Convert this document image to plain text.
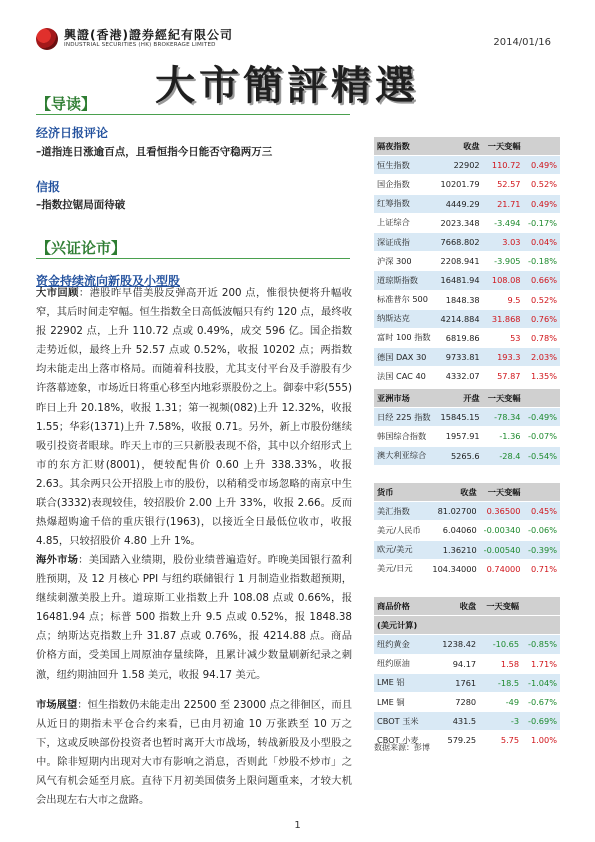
興證(香港)證券經紀有限公司
INDUSTRIAL SECURITIES (HK) BROKERAGE LIMITED	2014/01/16
大市簡評精選
【导读】
经济日报评论
–道指连日涨逾百点，且看恒指今日能否守稳两万三
信报
–指数拉锯局面待破
【兴证论市】
资金持续流向新股及小型股
大市回顾：港股昨早借美股反弹高开近 200 点，惟很快便将升幅收窄，其后时间走窄幅。恒生指数全日高低波幅只有约 120 点，最终收报 22902 点，上升 110.72 点或 0.49%，成交 596 亿。国企指数走势近似，最终上升 52.57 点或 0.52%，收报 10202 点；两指数均未能走出上落市格局。而随着科技股，尤其支付平台及手游股有少许落幕迹象，市场近日将重心移至内地彩票股份之上。御泰中彩(555)昨日上升 20.18%，收报 1.31；第一视频(082)上升 12.32%，收报 1.55；华彩(1371)上升 7.58%，收报 0.71。另外，新上市股份继续吸引投资者眼球。昨天上市的三只新股表现不俗，其中以介绍形式上市的东方汇财(8001)，便较配售价 0.60 上升 338.33%，收报 2.63。其余两只公开招股上市的股份，以稍稍受市场忽略的南京中生联合(3332)表现较佳，较招股价 2.00 上升 33%，收报 2.66。反而热爆超购逾千倍的重庆银行(1963)，以接近全日最低位收市，收报 4.85，只较招股价 4.80 上升 1%。
海外市场：美国踏入业绩期，股份业绩普遍造好。昨晚美国银行盈利胜预期，及 12 月核心 PPI 与纽约联储银行 1 月制造业指数超预期，继续刺激美股上升。道琼斯工业指数上升 108.08 点或 0.66%，报 16481.94 点；标普 500 指数上升 9.5 点或 0.52%，报 1848.38 点；纳斯达克指数上升 31.87 点或 0.76%，报 4214.88 点。商品价格方面，受美国上周原油存量续降，且累计减少数量刷新纪录之刺激，纽约期油回升 1.58 美元，收报 94.17 美元。
市场展望：恒生指数仍未能走出 22500 至 23000 点之徘徊区，而且从近日的期指未平仓合约来看，已由月初逾 10 万张跌至 10 万之下，这或反映部份投资者也暂时离开大市战场，转战新股及小型股之中。除非短期内出现对大市有影响之消息，否则此「炒股不炒市」之风气有机会延至月底。直待下月初美国债务上限问题重来，才较大机会出现左右大市之盘路。
隔夜指数	收盘	一天变幅	
恒生指数	22902	110.72	0.49%
国企指数	10201.79	52.57	0.52%
红筹指数	4449.29	21.71	0.49%
上证综合	2023.348	-3.494	-0.17%
深证成指	7668.802	3.03	0.04%
沪深 300	2208.941	-3.905	-0.18%
道琼斯指数	16481.94	108.08	0.66%
标准普尔 500	1848.38	9.5	0.52%
纳斯达克	4214.884	31.868	0.76%
富时 100 指数	6819.86	53	0.78%
德国 DAX 30	9733.81	193.3	2.03%
法国 CAC 40	4332.07	57.87	1.35%
亚洲市场	开盘	一天变幅	
日经 225 指数	15845.15	-78.34	-0.49%
韩国综合指数	1957.91	-1.36	-0.07%
澳大利亚综合	5265.6	-28.4	-0.54%
货币	收盘	一天变幅	
美汇指数	81.02700	0.36500	0.45%
美元/人民币	6.04060	-0.00340	-0.06%
欧元/美元	1.36210	-0.00540	-0.39%
美元/日元	104.34000	0.74000	0.71%
商品价格	收盘	一天变幅	
(美元计算)			
纽约黄金	1238.42	-10.65	-0.85%
纽约原油	94.17	1.58	1.71%
LME 铝	1761	-18.5	-1.04%
LME 铜	7280	-49	-0.67%
CBOT 玉米	431.5	-3	-0.69%
CBOT 小麦	579.25	5.75	1.00%
数据来源：彭博
1
